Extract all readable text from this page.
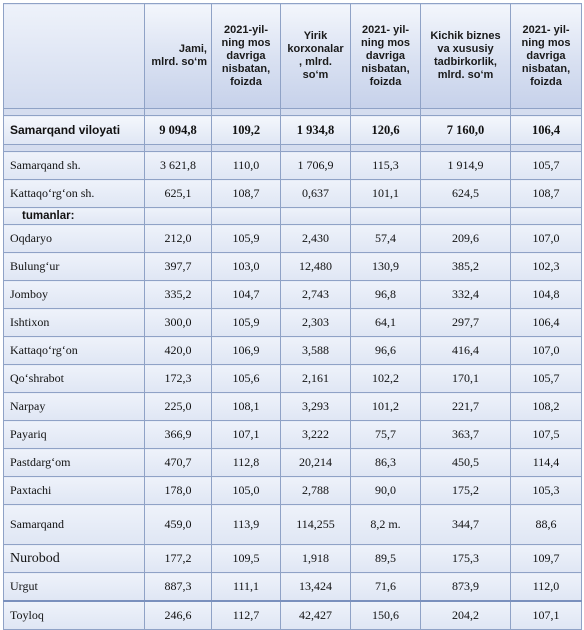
	Jami,
mlrd. so‘m	2021-yil-
ning mos
davriga
nisbatan,
foizda	Yirik
korxonalar
, mlrd.
so‘m	2021- yil-
ning mos
davriga
nisbatan,
foizda	Kichik biznes
va xususiy
tadbirkorlik,
mlrd. so‘m	2021- yil-
ning mos
davriga
nisbatan,
foizda

Samarqand viloyati	9 094,8	109,2	1 934,8	120,6	7 160,0	106,4

Samarqand sh.	3 621,8	110,0	1 706,9	115,3	1 914,9	105,7
Kattaqo‘rg‘on sh.	625,1	108,7	0,637	101,1	624,5	108,7
tumanlar:						
Oqdaryo	212,0	105,9	2,430	57,4	209,6	107,0
Bulung‘ur	397,7	103,0	12,480	130,9	385,2	102,3
Jomboy	335,2	104,7	2,743	96,8	332,4	104,8
Ishtixon	300,0	105,9	2,303	64,1	297,7	106,4
Kattaqo‘rg‘on	420,0	106,9	3,588	96,6	416,4	107,0
Qo‘shrabot	172,3	105,6	2,161	102,2	170,1	105,7
Narpay	225,0	108,1	3,293	101,2	221,7	108,2
Payariq	366,9	107,1	3,222	75,7	363,7	107,5
Pastdarg‘om	470,7	112,8	20,214	86,3	450,5	114,4
Paxtachi	178,0	105,0	2,788	90,0	175,2	105,3
Samarqand	459,0	113,9	114,255	8,2 m.	344,7	88,6
Nurobod	177,2	109,5	1,918	89,5	175,3	109,7
Urgut	887,3	111,1	13,424	71,6	873,9	112,0
Toyloq	246,6	112,7	42,427	150,6	204,2	107,1
